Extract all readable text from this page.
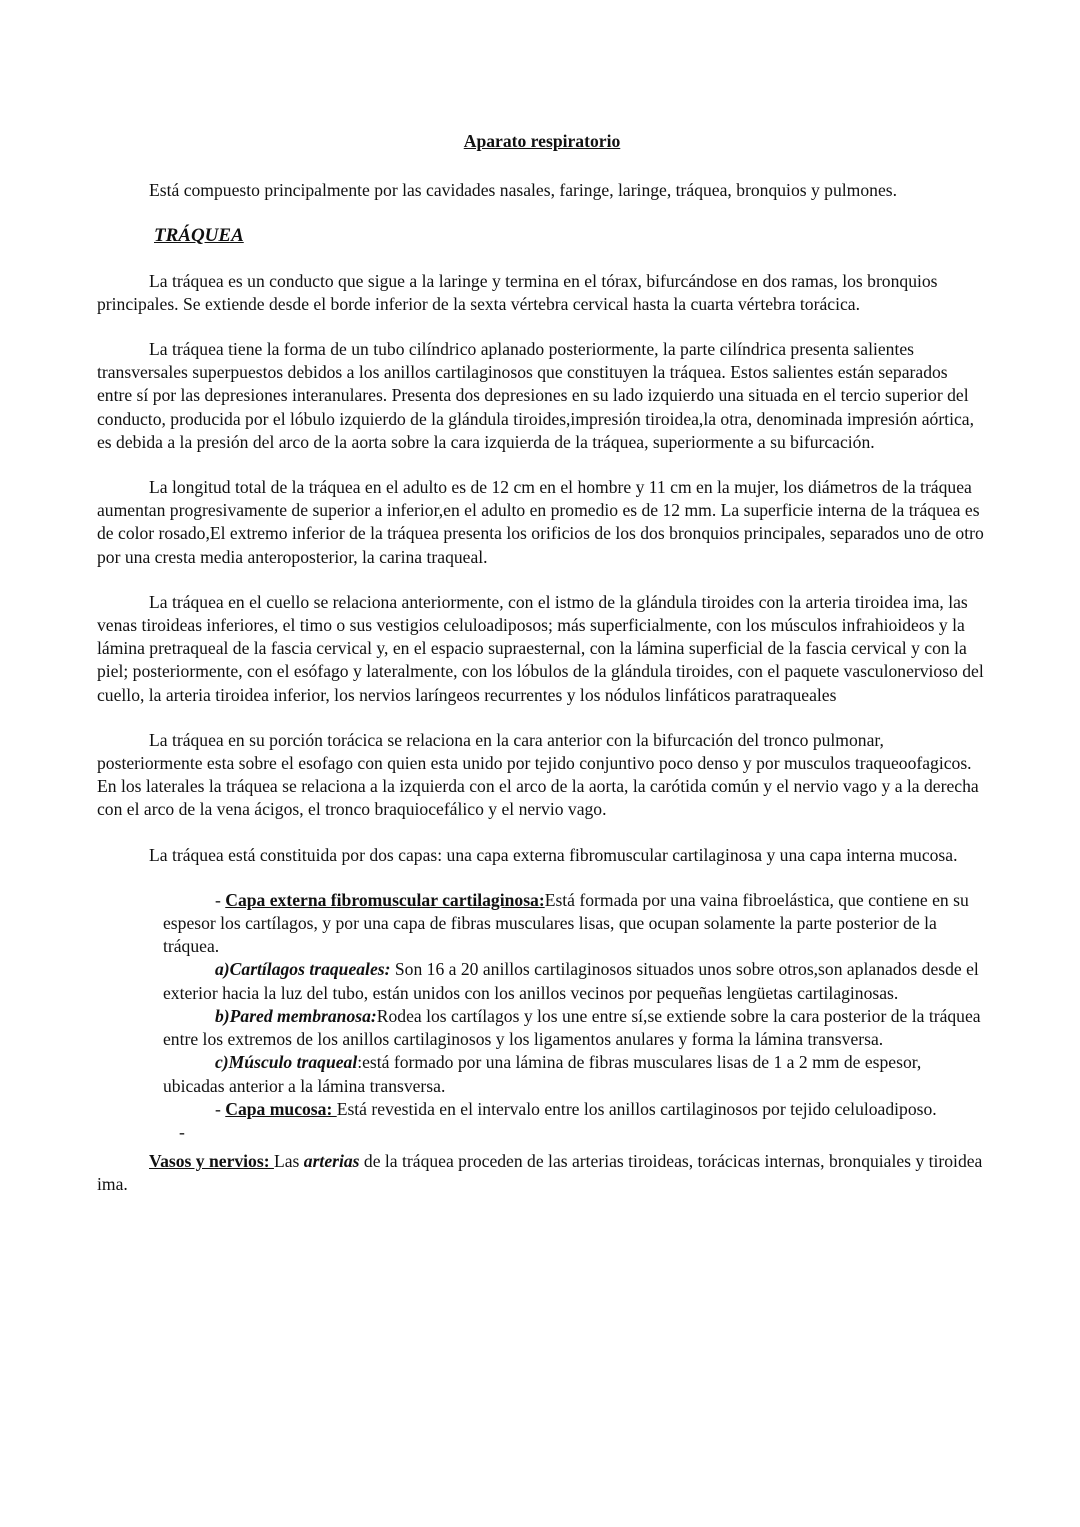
Aparato respiratorio

Está compuesto principalmente por las cavidades nasales, faringe, laringe, tráquea, bronquios y pulmones.

TRÁQUEA

La tráquea es un conducto que sigue a la laringe y termina en el tórax, bifurcándose en dos ramas, los bronquios principales. Se extiende desde el borde inferior de la sexta vértebra cervical hasta la cuarta vértebra torácica.

La tráquea tiene la forma de un tubo cilíndrico aplanado posteriormente, la parte cilíndrica presenta salientes transversales superpuestos debidos a los anillos cartilaginosos que constituyen la tráquea. Estos salientes están separados entre sí por las depresiones interanulares. Presenta dos depresiones en su lado izquierdo una situada en el tercio superior del conducto, producida por el lóbulo izquierdo de la glándula tiroides,impresión tiroidea,la otra, denominada impresión aórtica, es debida a la presión del arco de la aorta sobre la cara izquierda de la tráquea, superiormente a su bifurcación.

La longitud total de la tráquea en el adulto es de 12 cm en el hombre y 11 cm en la mujer, los diámetros de la tráquea aumentan progresivamente de superior a inferior,en el adulto en promedio es de 12 mm. La superficie interna de la tráquea es de color rosado,El extremo inferior de la tráquea presenta los orificios de los dos bronquios principales, separados uno de otro por una cresta media anteroposterior, la carina traqueal.

La tráquea en el cuello se relaciona anteriormente, con el istmo de la glándula tiroides con la arteria tiroidea ima, las venas tiroideas inferiores, el timo o sus vestigios celuloadiposos; más superficialmente, con los músculos infrahioideos y la lámina pretraqueal de la fascia cervical y, en el espacio supraesternal, con la lámina superficial de la fascia cervical y con la piel; posteriormente, con el esófago y lateralmente, con los lóbulos de la glándula tiroides, con el paquete vasculonervioso del cuello, la arteria tiroidea inferior, los nervios laríngeos recurrentes y los nódulos linfáticos paratraqueales

La tráquea en su porción torácica se relaciona en la cara anterior con la bifurcación del tronco pulmonar, posteriormente esta sobre el esofago con quien esta unido por tejido conjuntivo poco denso y por musculos traqueoofagicos. En los laterales la tráquea se relaciona a la izquierda con el arco de la aorta, la carótida común y el nervio vago y a la derecha con el arco de la vena ácigos, el tronco braquiocefálico y el nervio vago.

La tráquea está constituida por dos capas: una capa externa fibromuscular cartilaginosa y una capa interna mucosa.

- Capa externa fibromuscular cartilaginosa:Está formada por una vaina fibroelástica, que contiene en su espesor los cartílagos, y por una capa de fibras musculares lisas, que ocupan solamente la parte posterior de la tráquea.

a)Cartílagos traqueales: Son 16 a 20 anillos cartilaginosos situados unos sobre otros,son aplanados desde el exterior hacia la luz del tubo, están unidos con los anillos vecinos por pequeñas lengüetas cartilaginosas.

b)Pared membranosa:Rodea los cartílagos y los une entre sí,se extiende sobre la cara posterior de la tráquea entre los extremos de los anillos cartilaginosos y los ligamentos anulares y forma la lámina transversa.

c)Músculo traqueal:está formado por una lámina de fibras musculares lisas de 1 a 2 mm de espesor, ubicadas anterior a la lámina transversa.

- Capa mucosa: Está revestida en el intervalo entre los anillos cartilaginosos por tejido celuloadiposo.

-

Vasos y nervios: Las arterias de la tráquea proceden de las arterias tiroideas, torácicas internas, bronquiales y tiroidea ima.
